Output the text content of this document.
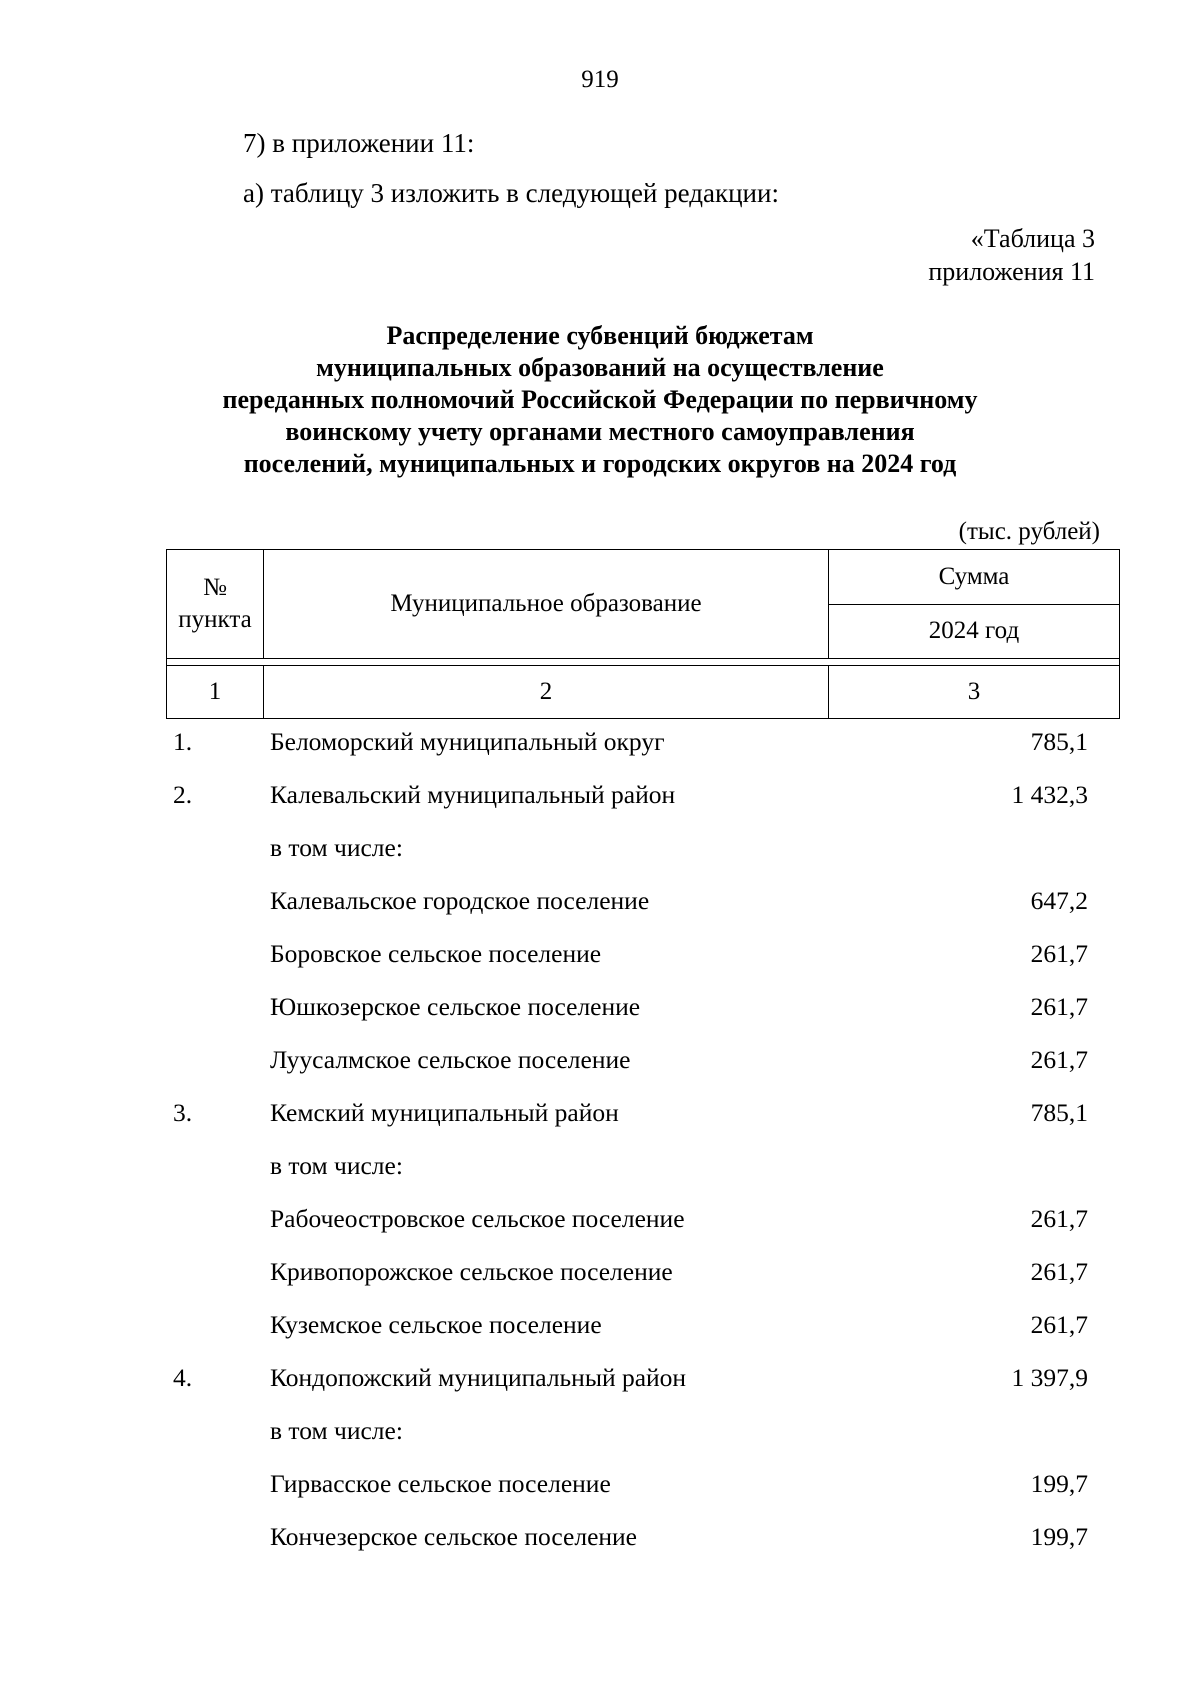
919
7) в приложении 11:
а) таблицу 3 изложить в следующей редакции:
«Таблица 3
приложения 11
Распределение субвенций бюджетам
муниципальных образований на осуществление
переданных полномочий Российской Федерации по первичному
воинскому учету органами местного самоуправления
поселений, муниципальных и городских округов на 2024 год
(тыс. рублей)
№
пункта	Муниципальное образование	Сумма
		2024 год

1	2	3
1.	Беломорский муниципальный округ	785,1
2.	Калевальский муниципальный район	1 432,3
в том числе:
Калевальское городское поселение	647,2
Боровское сельское поселение	261,7
Юшкозерское сельское поселение	261,7
Луусалмское сельское поселение	261,7
3.	Кемский муниципальный район	785,1
в том числе:
Рабочеостровское сельское поселение	261,7
Кривопорожское сельское поселение	261,7
Куземское сельское поселение	261,7
4.	Кондопожский муниципальный район	1 397,9
в том числе:
Гирвасское сельское поселение	199,7
Кончезерское сельское поселение	199,7
